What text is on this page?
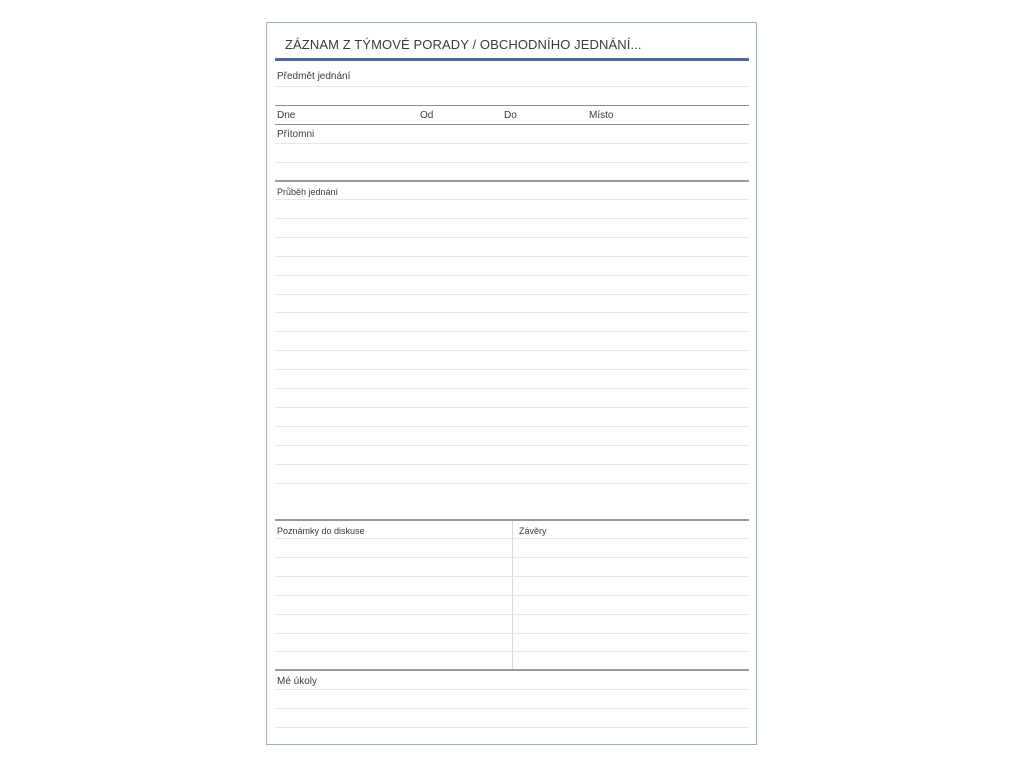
ZÁZNAM Z TÝMOVÉ PORADY / OBCHODNÍHO JEDNÁNÍ...
Předmět jednání
Dne	Od	Do	Místo
Přítomni
Průběh jednání
Poznámky do diskuse	Závěry
Mé úkoly
